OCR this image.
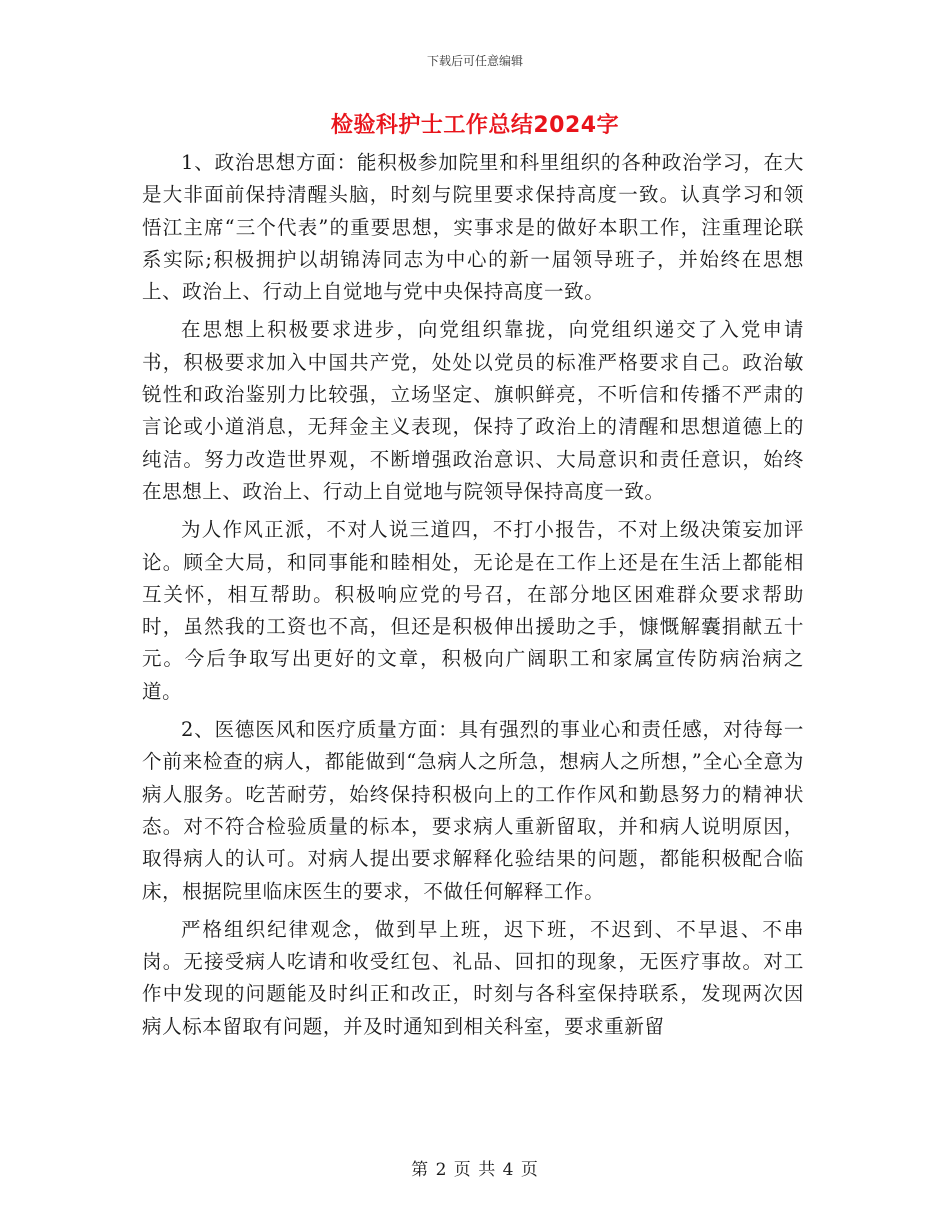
下载后可任意编辑
检验科护士工作总结2024字

1、政治思想方面：能积极参加院里和科里组织的各种政治学习，在大是大非面前保持清醒头脑，时刻与院里要求保持高度一致。认真学习和领悟江主席“三个代表”的重要思想，实事求是的做好本职工作，注重理论联系实际;积极拥护以胡锦涛同志为中心的新一届领导班子，并始终在思想上、政治上、行动上自觉地与党中央保持高度一致。

在思想上积极要求进步，向党组织靠拢，向党组织递交了入党申请书，积极要求加入中国共产党，处处以党员的标准严格要求自己。政治敏锐性和政治鉴别力比较强，立场坚定、旗帜鲜亮，不听信和传播不严肃的言论或小道消息，无拜金主义表现，保持了政治上的清醒和思想道德上的纯洁。努力改造世界观，不断增强政治意识、大局意识和责任意识，始终在思想上、政治上、行动上自觉地与院领导保持高度一致。

为人作风正派，不对人说三道四，不打小报告，不对上级决策妄加评论。顾全大局，和同事能和睦相处，无论是在工作上还是在生活上都能相互关怀，相互帮助。积极响应党的号召，在部分地区困难群众要求帮助时，虽然我的工资也不高，但还是积极伸出援助之手，慷慨解囊捐献五十元。今后争取写出更好的文章，积极向广阔职工和家属宣传防病治病之道。

2、医德医风和医疗质量方面：具有强烈的事业心和责任感，对待每一个前来检查的病人，都能做到“急病人之所急，想病人之所想，”全心全意为病人服务。吃苦耐劳，始终保持积极向上的工作作风和勤恳努力的精神状态。对不符合检验质量的标本，要求病人重新留取，并和病人说明原因，取得病人的认可。对病人提出要求解释化验结果的问题，都能积极配合临床，根据院里临床医生的要求，不做任何解释工作。

严格组织纪律观念，做到早上班，迟下班，不迟到、不早退、不串岗。无接受病人吃请和收受红包、礼品、回扣的现象，无医疗事故。对工作中发现的问题能及时纠正和改正，时刻与各科室保持联系，发现两次因病人标本留取有问题，并及时通知到相关科室，要求重新留

第 2 页 共 4 页
